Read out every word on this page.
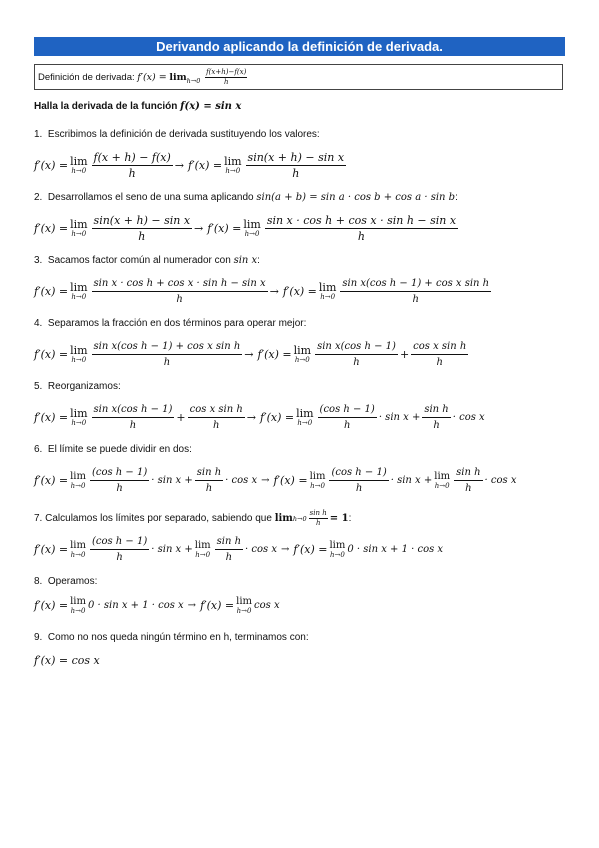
Derivando aplicando la definición de derivada.
Definición de derivada: $f'(x) = \lim_{h\to 0} \frac{f(x+h)-f(x)}{h}$
Halla la derivada de la función f(x) = sin x
1. Escribimos la definición de derivada sustituyendo los valores:
f′(x) = lim
$h\to 0 \frac{f(x + h) - f(x)}{h} \to f'(x) = \lim$
$h\to 0 \frac{\text{sin(x + h) − sin x}}{h}$
2. Desarrollamos el seno de una suma aplicando sin(a + b) = sin a · cos b + cos a · sin b:
f′(x) = lim
$h\to 0 \frac{\text{sin(x + h) − sin x}}{h} \to f'(x) = \lim$
$h\to 0 \frac{\text{sin x · cos h + cos x · sin h − sin x}}{h}$
3. Sacamos factor común al numerador con sin x:
f′(x) = lim
$h\to 0 \frac{\text{sin x · cos h + cos x · sin h − sin x}}{h} \to f'(x) = \lim$
$h\to 0 \frac{\text{sin x(cos h − 1) + cos x sin h}}{h}$
4. Separamos la fracción en dos términos para operar mejor:
f′(x) = lim
$h\to 0 \frac{\text{sin x(cos h − 1) + cos x sin h}}{h} \to f'(x) = \lim$
$h\to 0 \frac{\text{sin x(cos h − 1)}}{h} + \frac{\text{cos x sin h}}{h}$
5. Reorganizamos:
f′(x) = lim
$h\to 0 \frac{\text{sin x(cos h − 1)}}{h} + \frac{\text{cos x sin h}}{h} \to f'(x) = \lim$
$h\to 0 \frac{\text{(cos h − 1)}}{h} \cdot \sin x + \frac{\text{sin h}}{h} \cdot \cos x$
6. El límite se puede dividir en dos:
f′(x) = lim
$h\to 0 \frac{\text{(cos h − 1)}}{h} \cdot \sin x + \frac{\text{sin h}}{h} \cdot \cos x \to f'(x) = \lim$
$h\to 0 \frac{\text{(cos h − 1)}}{h} \cdot \sin x + \lim$
$h\to 0 \frac{\text{sin h}}{h} \cdot \cos x$
7.
Calculamos los límites por separado, sabiendo que
$\lim h\to 0 \frac{\text{sin h}}{h} = 1$ :
f′(x) = lim
$h\to 0 \frac{\text{(cos h − 1)}}{h} \cdot \sin x + \lim$
$h\to 0 \frac{\text{sin h}}{h} \cdot \cos x \to f'(x) = \lim$
h→0 0 · sin x + 1 · cos x
8. Operamos:
f′(x) = lim
h→0 0 · sin x + 1 · cos x → f′(x) = lim
h→0 cos x
9. Como no nos queda ningún término en h, terminamos con:
f′(x) = cos x
